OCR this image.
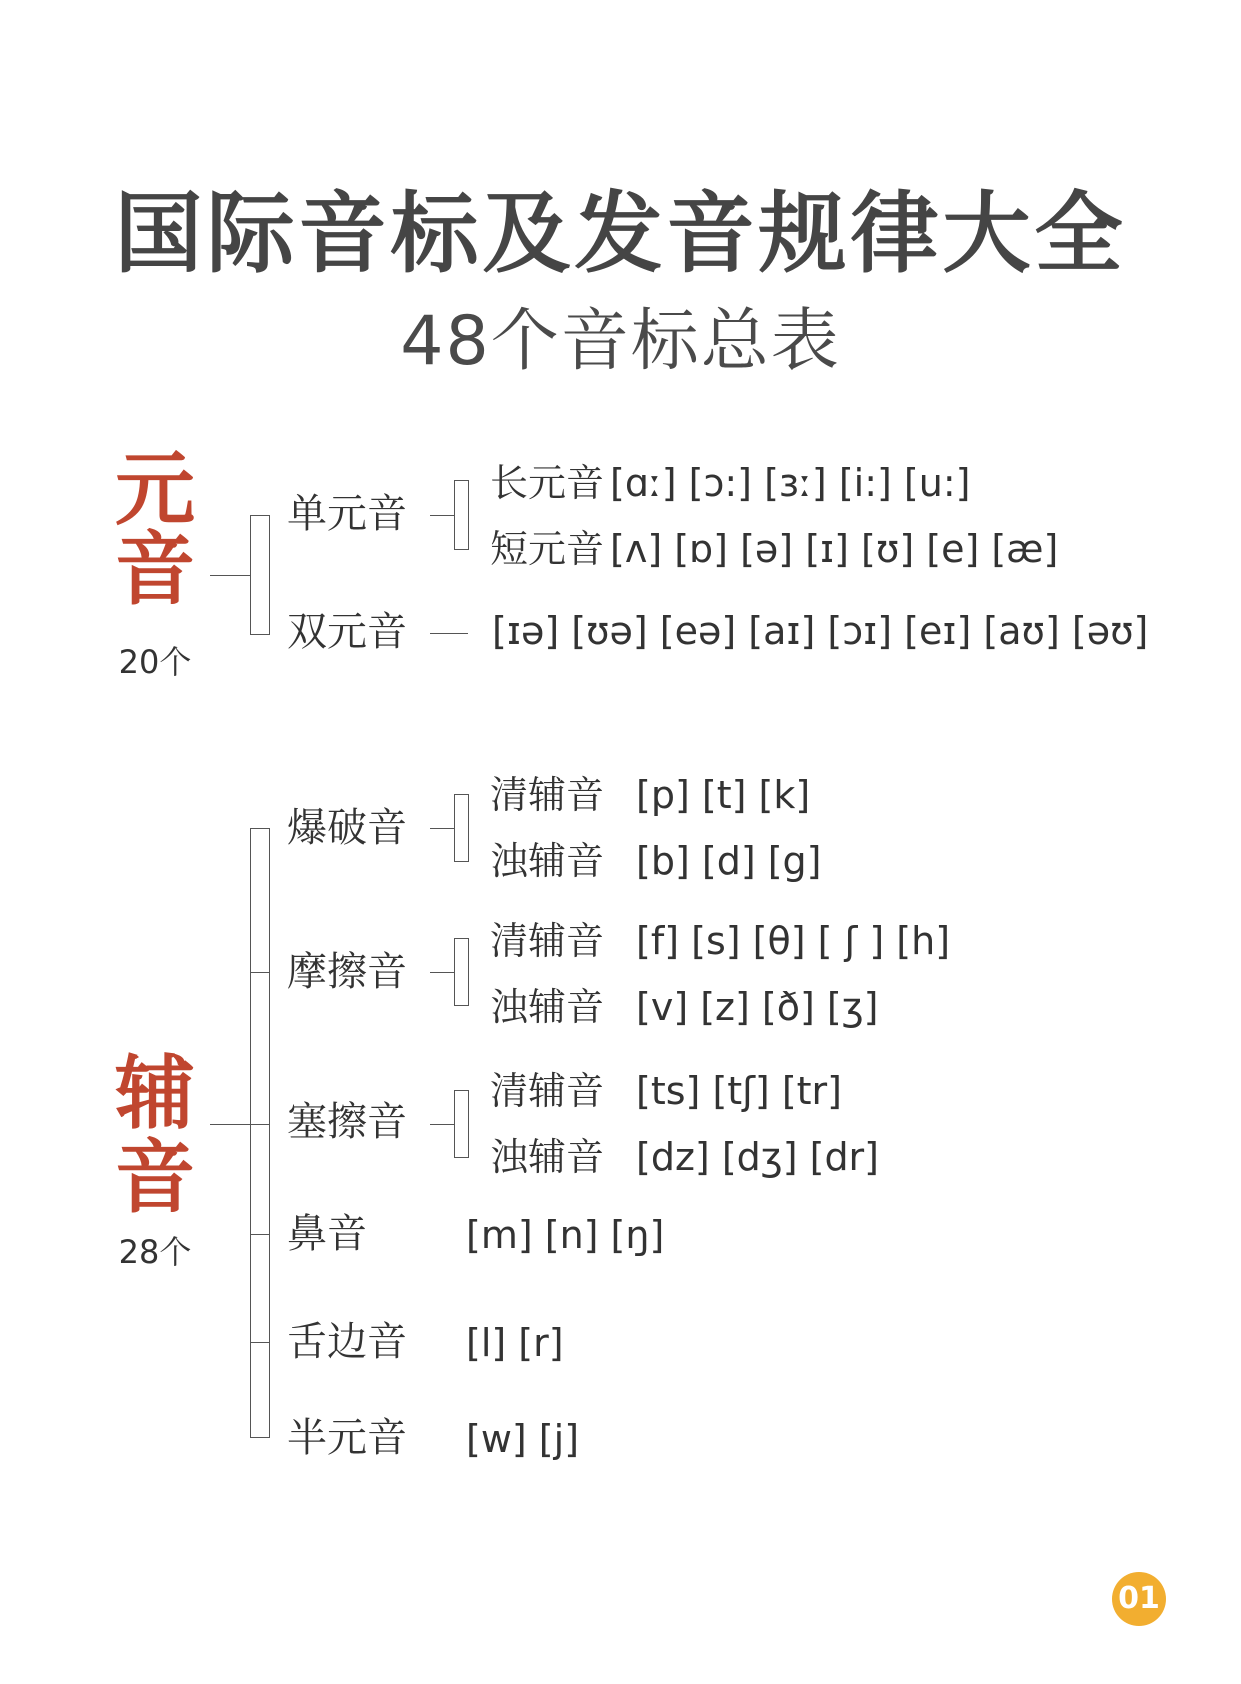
国际音标及发音规律大全
48个音标总表
元
音
20个
单元音
长元音 [ɑː] [ɔ:] [ɜː] [i:] [u:]
短元音 [ʌ] [ɒ] [ə] [ɪ] [ʊ] [e] [æ]
双元音 [ɪə] [ʊə] [eə] [aɪ] [ɔɪ] [eɪ] [aʊ] [əʊ]
辅
音
28个
爆破音
清辅音 [p] [t] [k]
浊辅音 [b] [d] [g]
摩擦音
清辅音 [f] [s] [θ] [ ʃ ] [h]
浊辅音 [v] [z] [ð] [ʒ]
塞擦音
清辅音 [ts] [tʃ] [tr]
浊辅音 [dz] [dʒ] [dr]
鼻音	[m] [n] [ŋ]
舌边音 [l] [r]
半元音 [w] [j]
01
